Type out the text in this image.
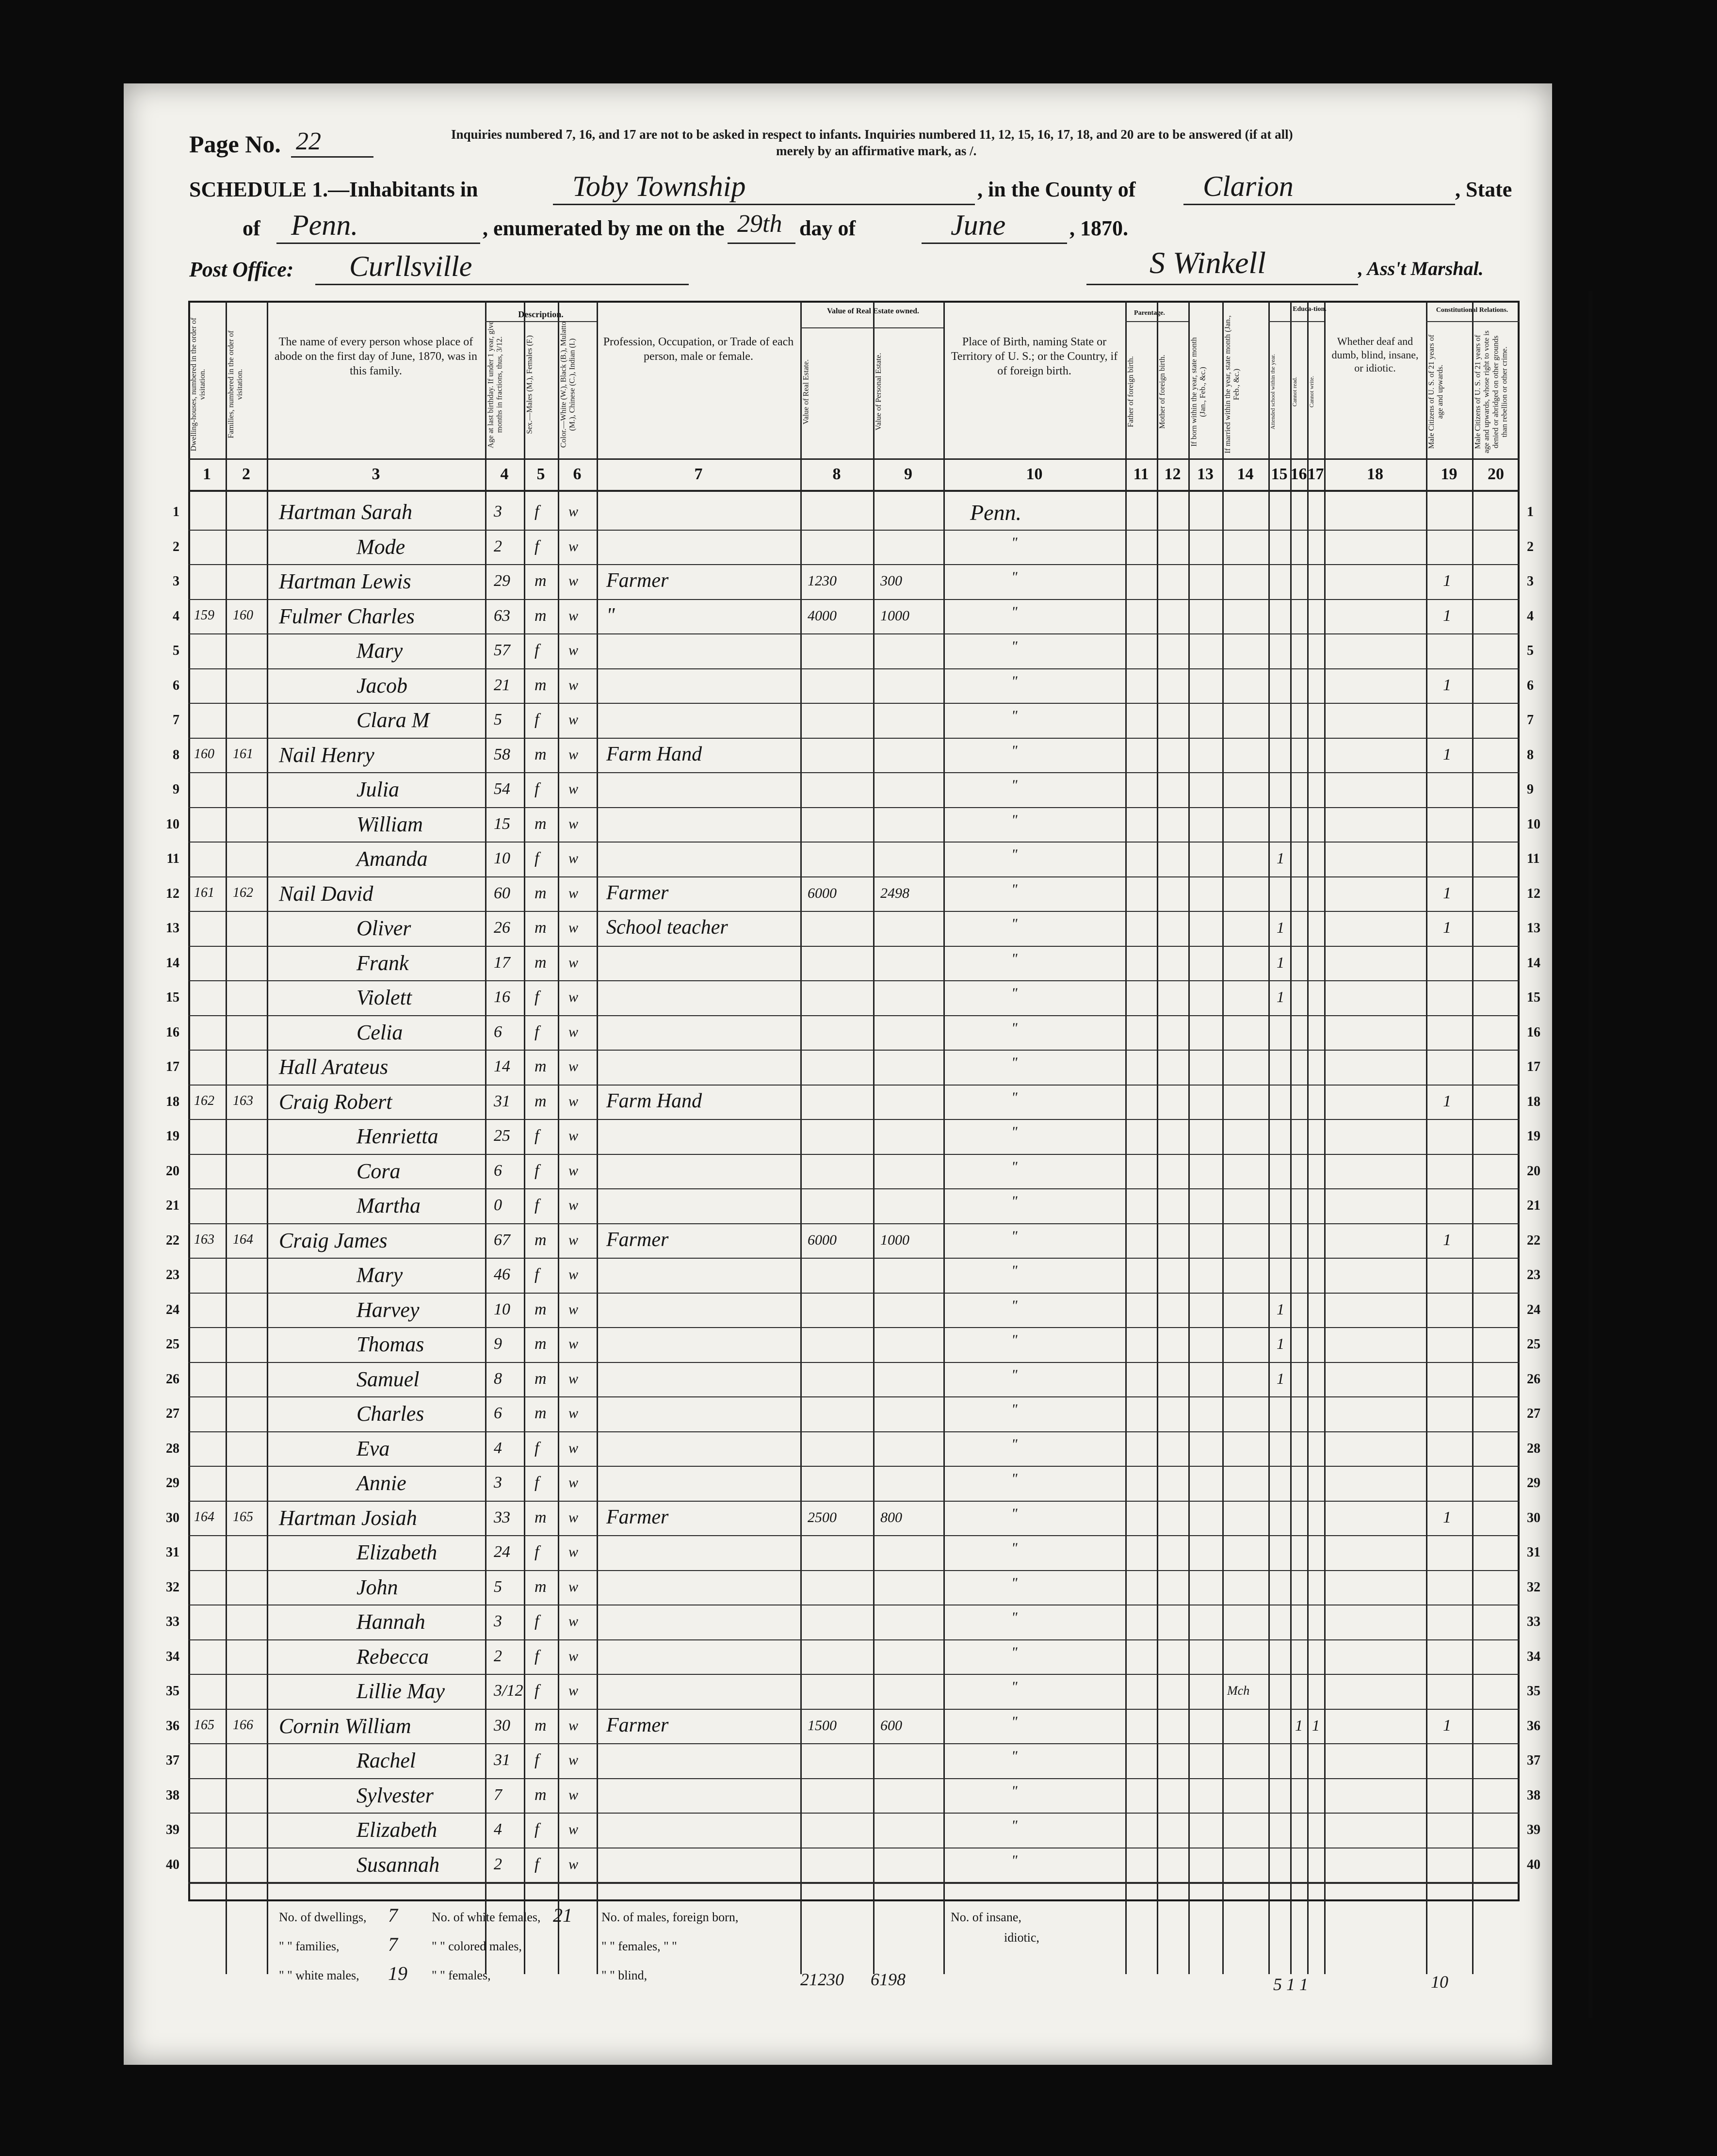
Page No. 22	Inquiries numbered 7, 16, and 17 are not to be asked in respect to infants. Inquiries numbered 11, 12, 15, 16, 17, 18, and 20 are to be answered (if at all)
merely by an affirmative mark, as /.
SCHEDULE 1.—Inhabitants in	Toby Township	, in the County of Clarion	, State
of Penn.	, enumerated by me on the 29th day of	June	, 1870.
Post Office: Curllsville	S Winkell	, Ass't Marshal.
Description.	Value of Real Estate owned.	Parentage.
Educa-tion.	Constitutional Relations.
Dwelling-houses, numbered in the order of visitation.
1
Families, numbered in the order of visitation.
2
The name of every person whose place of abode on the first day of June, 1870, was in this family.
3
Age at last birthday. If under 1 year, give months in fractions, thus, 3/12.
4
Sex.—Males (M.), Females (F.)
5
Color.—White (W.), Black (B.), Mulatto (M.), Chinese (C.), Indian (I.)
6
Profession, Occupation, or Trade of each person, male or female.
7
Value of Real Estate.
8
Value of Personal Estate.
9
Place of Birth, naming State or Territory of U. S.; or the Country, if of foreign birth.
10
Father of foreign birth.
11
Mother of foreign birth.
12
If born within the year, state month (Jan., Feb., &c.)
13
If married within the year, state month (Jan., Feb., &c.)
14
Attended school within the year.
15
Cannot read.
16
Cannot write.
17
Whether deaf and dumb, blind, insane, or idiotic.
18
Male Citizens of U. S. of 21 years of age and upwards.
19
Male Citizens of U. S. of 21 years of age and upwards, whose right to vote is denied or abridged on other grounds than rebellion or other crime.
20
1	1
Hartman Sarah	3 f w	Penn.
2	2
Mode	2 f w	"
3	3
Hartman Lewis	29 m w Farmer	1230	300	"	1
4	4
159 160 Fulmer Charles	63 m w "	4000	1000	"	1
5	5
Mary	57 f w	"
6	6
Jacob	21 m w	"	1
7	7
Clara M	5 f w	"
8	8
160 161 Nail Henry	58 m w Farm Hand	"	1
9	9
Julia	54 f w	"
10	10
William	15 m w	"
11	11
Amanda	10 f w	"	1
12	12
161 162 Nail David	60 m w Farmer	6000	2498	"	1
13	13
Oliver	26 m w School teacher	"	1	1
14	14
Frank	17 m w	"	1
15	15
Violett	16 f w	"	1
16	16
Celia	6 f w	"
17	17
Hall Arateus	14 m w	"
18	18
162 163 Craig Robert	31 m w Farm Hand	"	1
19	19
Henrietta	25 f w	"
20	20
Cora	6 f w	"
21	21
Martha	0 f w	"
22	22
163 164 Craig James	67 m w Farmer	6000	1000	"	1
23	23
Mary	46 f w	"
24	24
Harvey	10 m w	"	1
25	25
Thomas	9 m w	"	1
26	26
Samuel	8 m w	"	1
27	27
Charles	6 m w	"
28	28
Eva	4 f w	"
29	29
Annie	3 f w	"
30	30
164 165 Hartman Josiah	33 m w Farmer	2500	800	"	1
31	31
Elizabeth	24 f w	"
32	32
John	5 m w	"
33	33
Hannah	3 f w	"
34	34
Rebecca	2 f w	"
35	35
Lillie May	3/12 f w	"	Mch
36	36
165 166 Cornin William	30 m w Farmer	1500	600	"	1 1	1
37	37
Rachel	31 f w	"
38	38
Sylvester	7 m w	"
39	39
Elizabeth	4 f w	"
40	40
Susannah	2 f w	"
No. of dwellings, 7	No. of white females, 21 No. of males, foreign born,
" " families,	7	" " colored males,	" " females, " "
" " white males, 19 " " females,	" " blind,
No. of insane,
idiotic,
21230 6198	5 1 1	10
